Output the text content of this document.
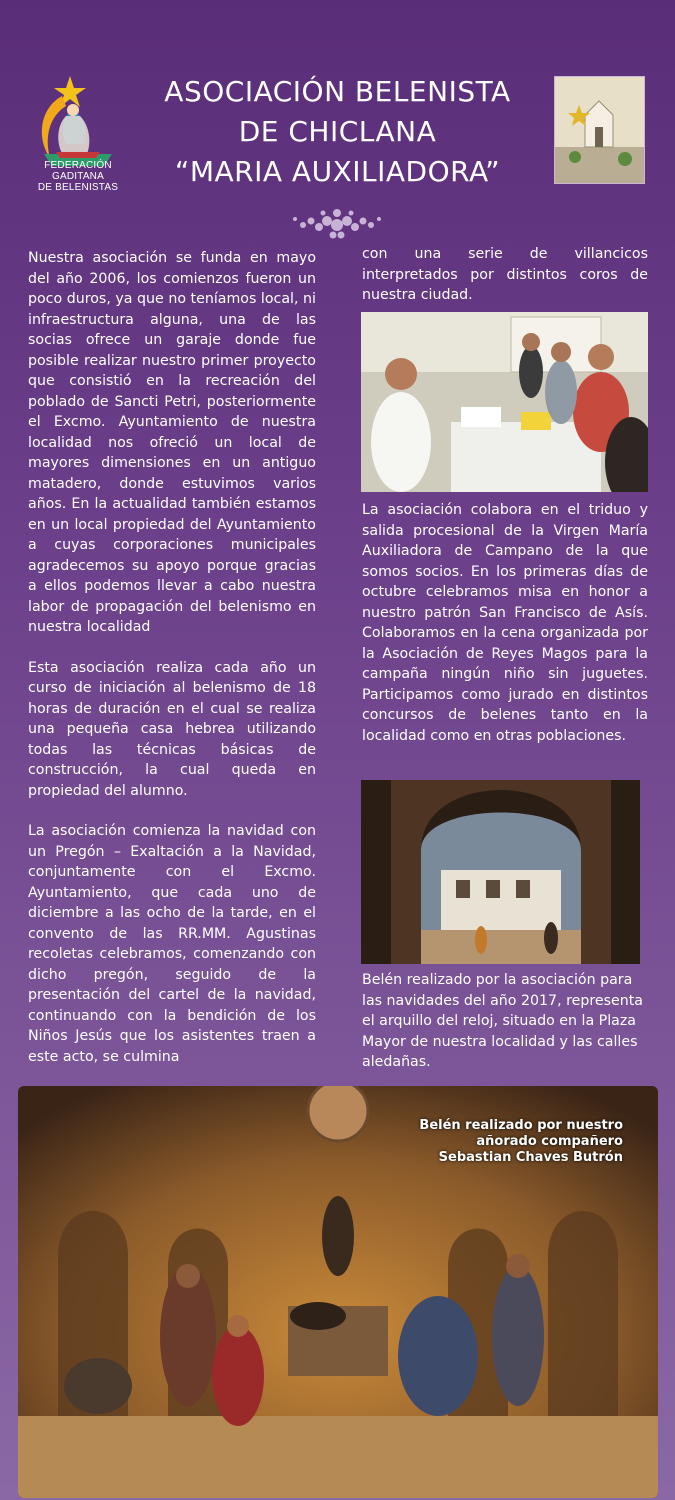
FEDERACIÓN GADITANA
DE BELENISTAS
ASOCIACIÓN BELENISTA
DE CHICLANA
“MARIA AUXILIADORA”

Nuestra asociación se funda en mayo del año 2006, los comienzos fueron un poco duros, ya que no teníamos local, ni infraestructura alguna, una de las socias ofrece un garaje donde fue posible realizar nuestro primer proyecto que consistió en la recreación del poblado de Sancti Petri, posteriormente el Excmo. Ayuntamiento de nuestra localidad nos ofreció un local de mayores dimensiones en un antiguo matadero, donde estuvimos varios años. En la actualidad también estamos en un local propiedad del Ayuntamiento a cuyas corporaciones municipales agradecemos su apoyo porque gracias a ellos podemos llevar a cabo nuestra labor de propagación del belenismo en nuestra localidad

Esta asociación realiza cada año un curso de iniciación al belenismo de 18 horas de duración en el cual se realiza una pequeña casa hebrea utilizando todas las técnicas básicas de construcción, la cual queda en propiedad del alumno.

La asociación comienza la navidad con un Pregón – Exaltación a la Navidad, conjuntamente con el Excmo. Ayuntamiento, que cada uno de diciembre a las ocho de la tarde, en el convento de las RR.MM. Agustinas recoletas celebramos, comenzando con dicho pregón, seguido de la presentación del cartel de la navidad, continuando con la bendición de los Niños Jesús que los asistentes traen a este acto, se culmina

con una serie de villancicos interpretados por distintos coros de nuestra ciudad.

La asociación colabora en el triduo y salida procesional de la Virgen María Auxiliadora de Campano de la que somos socios. En los primeras días de octubre celebramos misa en honor a nuestro patrón San Francisco de Asís. Colaboramos en la cena organizada por la Asociación de Reyes Magos para la campaña ningún niño sin juguetes. Participamos como jurado en distintos concursos de belenes tanto en la localidad como en otras poblaciones.

Belén realizado por la asociación para las navidades del año 2017, representa el arquillo del reloj, situado en la Plaza Mayor de nuestra localidad y las calles aledañas.

Belén realizado por nuestro
añorado compañero
Sebastian Chaves Butrón
